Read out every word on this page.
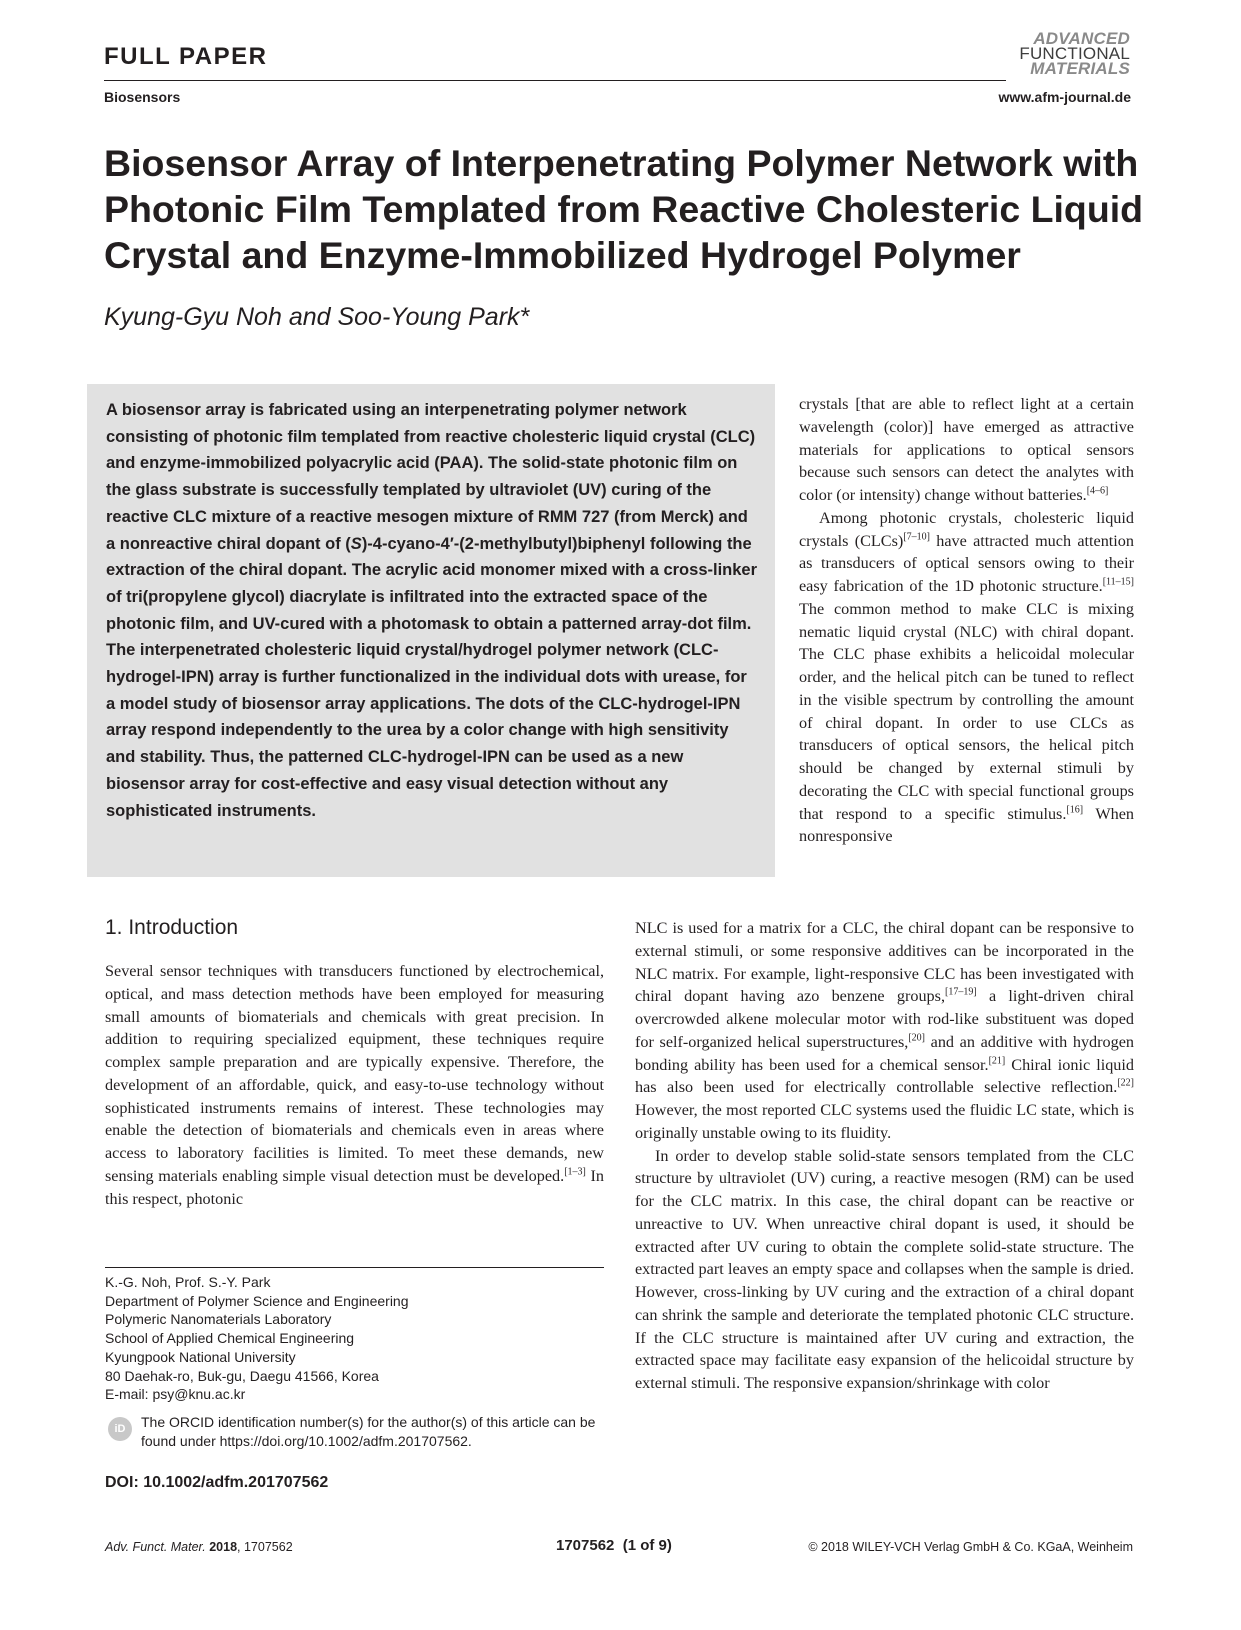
FULL PAPER
ADVANCED
FUNCTIONAL
MATERIALS
Biosensors	www.afm-journal.de
Biosensor Array of Interpenetrating Polymer Network with Photonic Film Templated from Reactive Cholesteric Liquid Crystal and Enzyme-Immobilized Hydrogel Polymer
Kyung-Gyu Noh and Soo-Young Park*
A biosensor array is fabricated using an interpenetrating polymer network consisting of photonic film templated from reactive cholesteric liquid crystal (CLC) and enzyme-immobilized polyacrylic acid (PAA). The solid-state photonic film on the glass substrate is successfully templated by ultraviolet (UV) curing of the reactive CLC mixture of a reactive mesogen mixture of RMM 727 (from Merck) and a nonreactive chiral dopant of (S)-4-cyano-4′-(2-methylbutyl)biphenyl following the extraction of the chiral dopant. The acrylic acid monomer mixed with a cross-linker of tri(propylene glycol) diacrylate is infiltrated into the extracted space of the photonic film, and UV-cured with a photomask to obtain a patterned array-dot film. The interpenetrated cholesteric liquid crystal/hydrogel polymer network (CLC-hydrogel-IPN) array is further functionalized in the individual dots with urease, for a model study of biosensor array applications. The dots of the CLC-hydrogel-IPN array respond independently to the urea by a color change with high sensitivity and stability. Thus, the patterned CLC-hydrogel-IPN can be used as a new biosensor array for cost-effective and easy visual detection without any sophisticated instruments.

crystals [that are able to reflect light at a certain wavelength (color)] have emerged as attractive materials for applications to optical sensors because such sensors can detect the analytes with color (or intensity) change without batteries.[4–6]

Among photonic crystals, cholesteric liquid crystals (CLCs)[7–10] have attracted much attention as transducers of optical sensors owing to their easy fabrication of the 1D photonic structure.[11–15] The common method to make CLC is mixing nematic liquid crystal (NLC) with chiral dopant. The CLC phase exhibits a helicoidal molecular order, and the helical pitch can be tuned to reflect in the visible spectrum by controlling the amount of chiral dopant. In order to use CLCs as transducers of optical sensors, the helical pitch should be changed by external stimuli by decorating the CLC with special functional groups that respond to a specific stimulus.[16] When nonresponsive

1. Introduction

Several sensor techniques with transducers functioned by electrochemical, optical, and mass detection methods have been employed for measuring small amounts of biomaterials and chemicals with great precision. In addition to requiring specialized equipment, these techniques require complex sample preparation and are typically expensive. Therefore, the development of an affordable, quick, and easy-to-use technology without sophisticated instruments remains of interest. These technologies may enable the detection of biomaterials and chemicals even in areas where access to laboratory facilities is limited. To meet these demands, new sensing materials enabling simple visual detection must be developed.[1–3] In this respect, photonic

NLC is used for a matrix for a CLC, the chiral dopant can be responsive to external stimuli, or some responsive additives can be incorporated in the NLC matrix. For example, light-responsive CLC has been investigated with chiral dopant having azo benzene groups,[17–19] a light-driven chiral overcrowded alkene molecular motor with rod-like substituent was doped for self-organized helical superstructures,[20] and an additive with hydrogen bonding ability has been used for a chemical sensor.[21] Chiral ionic liquid has also been used for electrically controllable selective reflection.[22] However, the most reported CLC systems used the fluidic LC state, which is originally unstable owing to its fluidity.

In order to develop stable solid-state sensors templated from the CLC structure by ultraviolet (UV) curing, a reactive mesogen (RM) can be used for the CLC matrix. In this case, the chiral dopant can be reactive or unreactive to UV. When unreactive chiral dopant is used, it should be extracted after UV curing to obtain the complete solid-state structure. The extracted part leaves an empty space and collapses when the sample is dried. However, cross-linking by UV curing and the extraction of a chiral dopant can shrink the sample and deteriorate the templated photonic CLC structure. If the CLC structure is maintained after UV curing and extraction, the extracted space may facilitate easy expansion of the helicoidal structure by external stimuli. The responsive expansion/shrinkage with color

K.-G. Noh, Prof. S.-Y. Park
Department of Polymer Science and Engineering
Polymeric Nanomaterials Laboratory
School of Applied Chemical Engineering
Kyungpook National University
80 Daehak-ro, Buk-gu, Daegu 41566, Korea
E-mail: psy@knu.ac.kr
iD	The ORCID identification number(s) for the author(s) of this article can be found under https://doi.org/10.1002/adfm.201707562.
DOI: 10.1002/adfm.201707562
Adv. Funct. Mater. 2018, 1707562	1707562  (1 of 9)	© 2018 WILEY-VCH Verlag GmbH & Co. KGaA, Weinheim
